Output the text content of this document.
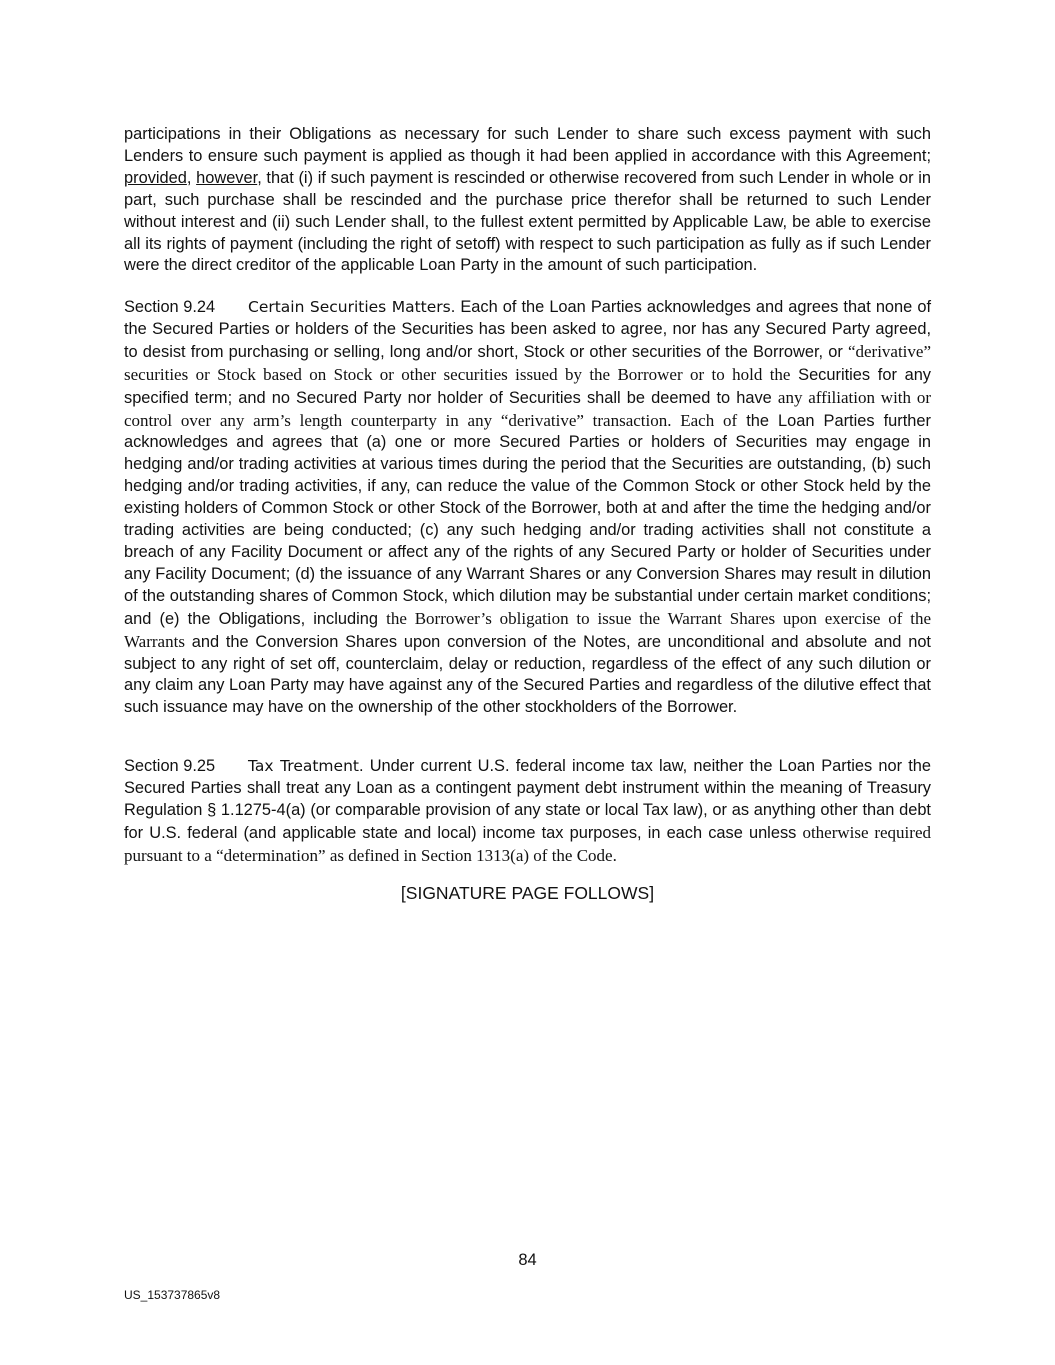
participations in their Obligations as necessary for such Lender to share such excess payment with such Lenders to ensure such payment is applied as though it had been applied in accordance with this Agreement; provided, however, that (i) if such payment is rescinded or otherwise recovered from such Lender in whole or in part, such purchase shall be rescinded and the purchase price therefor shall be returned to such Lender without interest and (ii) such Lender shall, to the fullest extent permitted by Applicable Law, be able to exercise all its rights of payment (including the right of setoff) with respect to such participation as fully as if such Lender were the direct creditor of the applicable Loan Party in the amount of such participation.

Section 9.24 Certain Securities Matters. Each of the Loan Parties acknowledges and agrees that none of the Secured Parties or holders of the Securities has been asked to agree, nor has any Secured Party agreed, to desist from purchasing or selling, long and/or short, Stock or other securities of the Borrower, or “derivative” securities or Stock based on Stock or other securities issued by the Borrower or to hold the Securities for any specified term; and no Secured Party nor holder of Securities shall be deemed to have any affiliation with or control over any arm’s length counterparty in any “derivative” transaction. Each of the Loan Parties further acknowledges and agrees that (a) one or more Secured Parties or holders of Securities may engage in hedging and/or trading activities at various times during the period that the Securities are outstanding, (b) such hedging and/or trading activities, if any, can reduce the value of the Common Stock or other Stock held by the existing holders of Common Stock or other Stock of the Borrower, both at and after the time the hedging and/or trading activities are being conducted; (c) any such hedging and/or trading activities shall not constitute a breach of any Facility Document or affect any of the rights of any Secured Party or holder of Securities under any Facility Document; (d) the issuance of any Warrant Shares or any Conversion Shares may result in dilution of the outstanding shares of Common Stock, which dilution may be substantial under certain market conditions; and (e) the Obligations, including the Borrower’s obligation to issue the Warrant Shares upon exercise of the Warrants and the Conversion Shares upon conversion of the Notes, are unconditional and absolute and not subject to any right of set off, counterclaim, delay or reduction, regardless of the effect of any such dilution or any claim any Loan Party may have against any of the Secured Parties and regardless of the dilutive effect that such issuance may have on the ownership of the other stockholders of the Borrower.

Section 9.25 Tax Treatment. Under current U.S. federal income tax law, neither the Loan Parties nor the Secured Parties shall treat any Loan as a contingent payment debt instrument within the meaning of Treasury Regulation § 1.1275-4(a) (or comparable provision of any state or local Tax law), or as anything other than debt for U.S. federal (and applicable state and local) income tax purposes, in each case unless otherwise required pursuant to a “determination” as defined in Section 1313(a) of the Code.

[SIGNATURE PAGE FOLLOWS]

84

US_153737865v8
